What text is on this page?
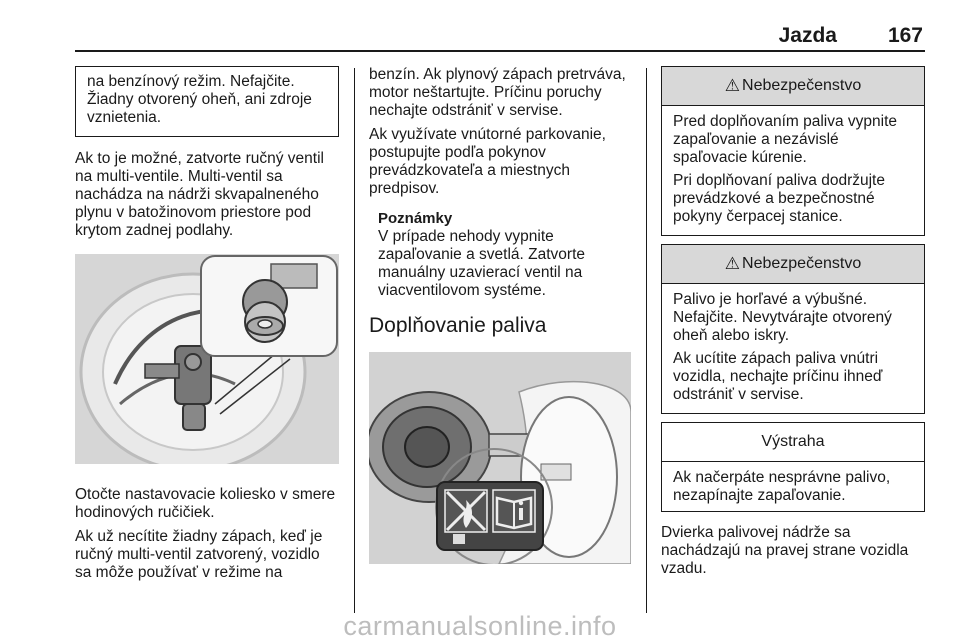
Jazda 167

na benzínový režim. Nefajčite. Žiadny otvorený oheň, ani zdroje vznietenia.

Ak to je možné, zatvorte ručný ventil na multi-ventile. Multi-ventil sa nachádza na nádrži skvapalneného plynu v batožinovom priestore pod krytom zadnej podlahy.

Otočte nastavovacie koliesko v smere hodinových ručičiek.

Ak už necítite žiadny zápach, keď je ručný multi-ventil zatvorený, vozidlo sa môže používať v režime na

benzín. Ak plynový zápach pretrváva, motor neštartujte. Príčinu poruchy nechajte odstrániť v servise.

Ak využívate vnútorné parkovanie, postupujte podľa pokynov prevádzkovateľa a miestnych predpisov.

Poznámky

V prípade nehody vypnite zapaľovanie a svetlá. Zatvorte manuálny uzavierací ventil na viacventilovom systéme.

Doplňovanie paliva
⚠ Nebezpečenstvo

Pred doplňovaním paliva vypnite zapaľovanie a nezávislé spaľovacie kúrenie.

Pri doplňovaní paliva dodržujte prevádzkové a bezpečnostné pokyny čerpacej stanice.

⚠ Nebezpečenstvo

Palivo je horľavé a výbušné. Nefajčite. Nevytvárajte otvorený oheň alebo iskry.

Ak ucítite zápach paliva vnútri vozidla, nechajte príčinu ihneď odstrániť v servise.

Výstraha

Ak načerpáte nesprávne palivo, nezapínajte zapaľovanie.

Dvierka palivovej nádrže sa nachádzajú na pravej strane vozidla vzadu.

carmanualsonline.info
